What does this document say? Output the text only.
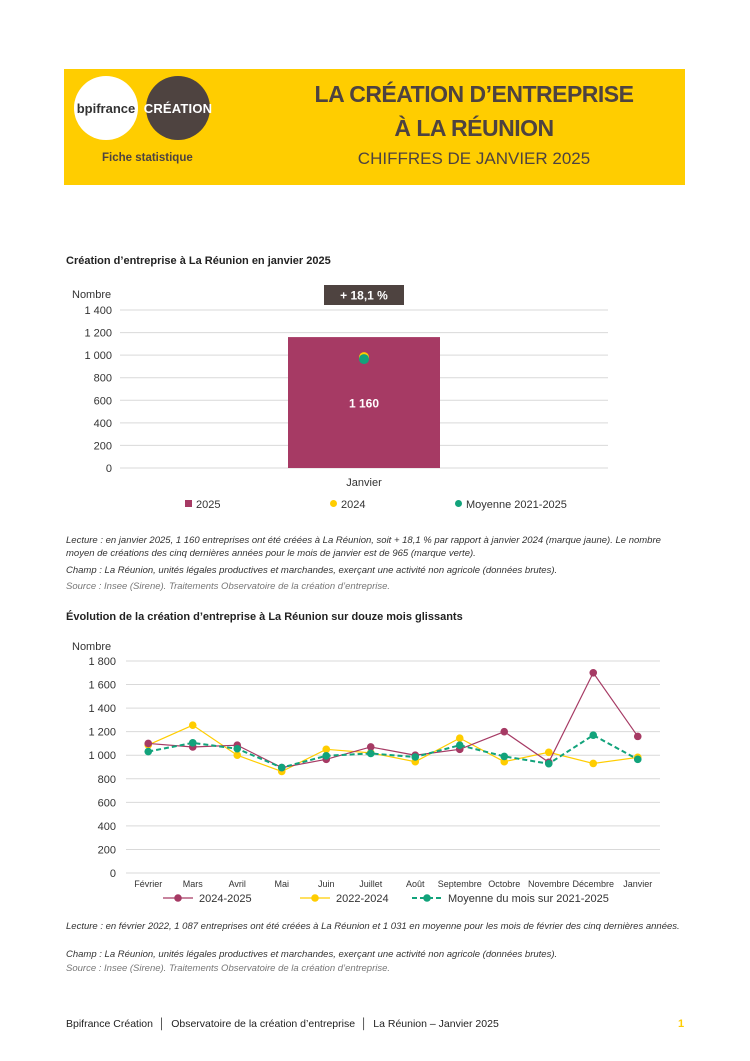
bpifrance CRÉATION
Fiche statistique
LA CRÉATION D’ENTREPRISE
À LA RÉUNION
CHIFFRES DE JANVIER 2025
Création d’entreprise à La Réunion en janvier 2025
0
200
400
600
800
1 000
1 200
1 400
Nombre
1 160
+ 18,1 %
Janvier
2025	2024	Moyenne 2021-2025
Lecture : en janvier 2025, 1 160 entreprises ont été créées à La Réunion, soit + 18,1 % par rapport à janvier 2024 (marque jaune). Le nombre moyen de créations des cinq dernières années pour le mois de janvier est de 965 (marque verte).
Champ : La Réunion, unités légales productives et marchandes, exerçant une activité non agricole (données brutes).
Source : Insee (Sirene). Traitements Observatoire de la création d’entreprise.
Évolution de la création d’entreprise à La Réunion sur douze mois glissants
0
200
400
600
800
1 000
1 200
1 400
1 600
1 800
Nombre
Février Mars	Avril	Mai	Juin	Juillet	Août Septembre Octobre Novembre Décembre Janvier
2024-2025	2022-2024	Moyenne du mois sur 2021-2025
Lecture : en février 2022, 1 087 entreprises ont été créées à La Réunion et 1 031 en moyenne pour les mois de février des cinq dernières années.
Champ : La Réunion, unités légales productives et marchandes, exerçant une activité non agricole (données brutes).
Source : Insee (Sirene). Traitements Observatoire de la création d’entreprise.
Bpifrance Création  │  Observatoire de la création d’entreprise  │  La Réunion – Janvier 2025	1
